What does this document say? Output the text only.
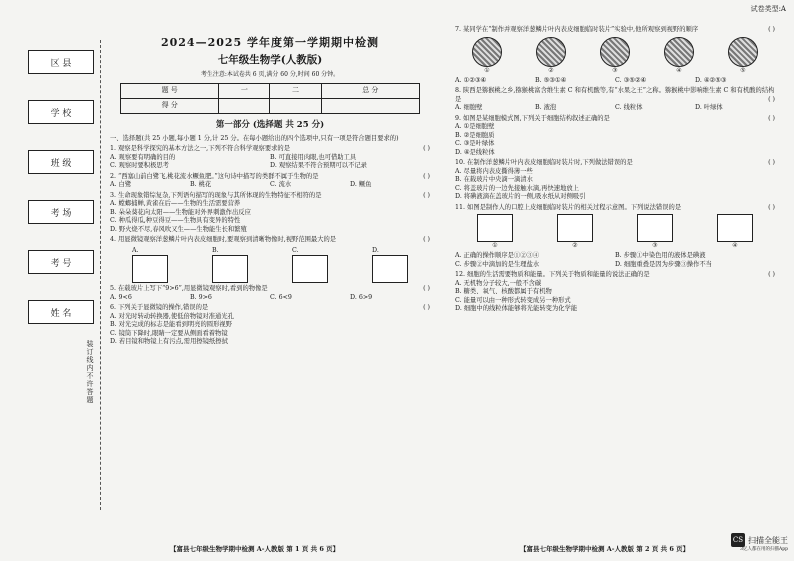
区 县
学 校
班 级
考 场
考 号
姓 名
装订线内不许答题
2024—2025 学年度第一学期期中检测
七年级生物学(人教版)
考生注意:本试卷共 6 页,满分 60 分,时间 60 分钟。
题 号	一	二	总 分
得 分			
第一部分 (选择题 共 25 分)
一、选择题(共 25 小题,每小题 1 分,计 25 分。在每小题给出的四个选项中,只有一项是符合题目要求的)
1. 观察是科学探究的基本方法之一,下列不符合科学观察要求的是	( )
A. 观察要有明确的目的	B. 可直接用肉眼,也可借助工具
C. 观察时要积极思考	D. 观察结果不符合预期可以不记录
2. “西塞山前白鹭飞,桃花流水鳜鱼肥。”这句诗中描写的类群不属于生物的是	( )
A. 白鹭	B. 桃花	C. 流水	D. 鳜鱼
3. 生命现象错综复杂,下列语句描写的现象与其所体现的生物特征不相符的是	( )
A. 螳螂捕蝉,黄雀在后——生物的生活需要营养
B. 朵朵葵花向太阳——生物能对外界刺激作出反应
C. 种瓜得瓜,种豆得豆——生物具有变异的特性
D. 野火烧不尽,春风吹又生——生物能生长和繁殖
4. 用显微镜观察洋葱鳞片叶内表皮细胞时,要观察到清晰物像时,视野范围最大的是	( )
A.	B.	C.	D.
5. 在载玻片上写下“9>6”,用显微镜观察时,看到的物像是	( )
A. 9<6	B. 9>6	C. 6<9	D. 6>9
6. 下列关于显微镜的操作,错误的是	( )
A. 对光时转动转换器,使低倍物镜对准通光孔
B. 对光完成的标志是能看到明亮的圆形视野
C. 镜筒下降时,眼睛一定要从侧面看着物镜
D. 若目镜和物镜上有污点,需用擦镜纸擦拭
【富县七年级生物学期中检测 A-人教版 第 1 页 共 6 页】
7. 某同学在“制作并观察洋葱鳞片叶内表皮细胞临时装片”实验中,他所观察到视野的顺序	( )
①	②	③	④	⑤
A. ①②③④	B. ⑤③①④	C. ③⑤②④	D. ④②⑤③
8. 陕西是猕猴桃之乡,猕猴桃富含维生素 C 和有机酸等,有“水果之王”之称。猕猴桃中影响维生素 C 和有机酸的结构是	( )
A. 细胞壁	B. 液泡	C. 线粒体	D. 叶绿体
9. 如图是某细胞模式图,下列关于细胞结构叙述正确的是	( )
A. ①是细胞壁
B. ②是细胞质
C. ③是叶绿体
D. ④是线粒体
10. 在制作洋葱鳞片叶内表皮细胞临时装片时,下列做法错误的是	( )
A. 尽量将内表皮撕得薄一些
B. 在载玻片中央滴一滴清水
C. 将盖玻片的一边先接触水滴,再快速地放上
D. 将碘液滴在盖玻片的一侧,吸水纸从对侧吸引
11. 如图是制作人的口腔上皮细胞临时装片的相关过程示意图。下列说法错误的是	( )
①	②	③	④
A. 正确的操作顺序是①②③④	B. 步骤①中染色用的液体是碘液
C. 步骤②中滴加的是生理盐水	D. 细胞重叠是因为步骤③操作不当
12. 细胞的生活需要物质和能量。下列关于物质和能量的说法正确的是	( )
A. 无机物分子较大,一般不含碳
B. 糖类、氧气、核酸都属于有机物
C. 能量可以由一种形式转变成另一种形式
D. 细胞中的线粒体能够将光能转变为化学能
【富县七年级生物学期中检测 A-人教版 第 2 页 共 6 页】
试卷类型:A
CS 扫描全能王
3亿人都在用的扫描App
